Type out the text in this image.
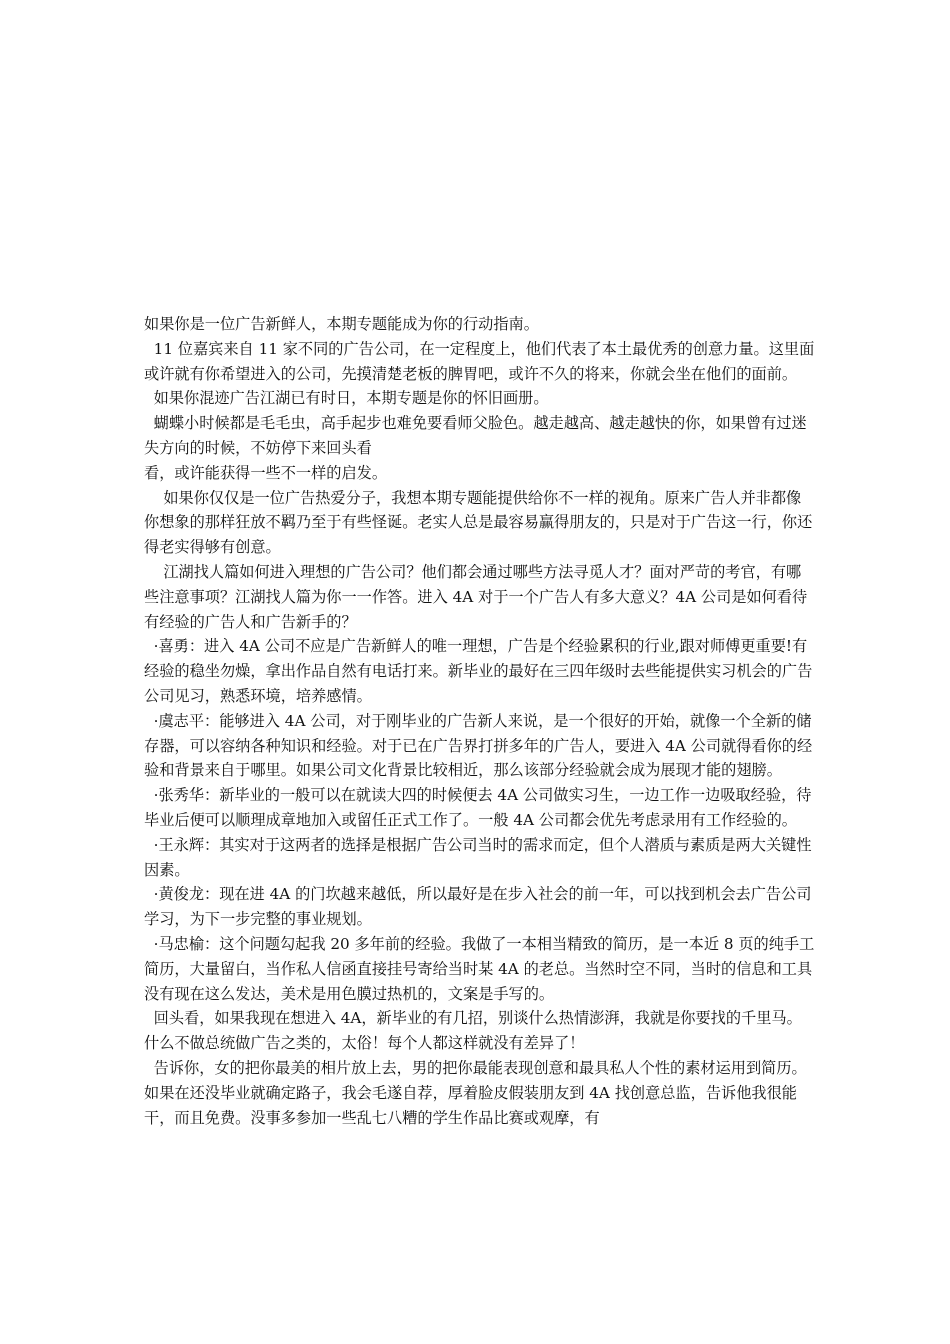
如果你是一位广告新鲜人，本期专题能成为你的行动指南。

11 位嘉宾来自 11 家不同的广告公司，在一定程度上，他们代表了本土最优秀的创意力量。这里面或许就有你希望进入的公司，先摸清楚老板的脾胃吧，或许不久的将来，你就会坐在他们的面前。

如果你混迹广告江湖已有时日，本期专题是你的怀旧画册。

蝴蝶小时候都是毛毛虫，高手起步也难免要看师父脸色。越走越高、越走越快的你，如果曾有过迷失方向的时候，不妨停下来回头看

看，或许能获得一些不一样的启发。

如果你仅仅是一位广告热爱分子，我想本期专题能提供给你不一样的视角。原来广告人并非都像你想象的那样狂放不羁乃至于有些怪诞。老实人总是最容易赢得朋友的，只是对于广告这一行，你还得老实得够有创意。

江湖找人篇如何进入理想的广告公司？他们都会通过哪些方法寻觅人才？面对严苛的考官，有哪些注意事项？江湖找人篇为你一一作答。进入 4A 对于一个广告人有多大意义？4A 公司是如何看待有经验的广告人和广告新手的？

·喜勇：进入 4A 公司不应是广告新鲜人的唯一理想，广告是个经验累积的行业,跟对师傅更重要!有经验的稳坐勿燥，拿出作品自然有电话打来。新毕业的最好在三四年级时去些能提供实习机会的广告公司见习，熟悉环境，培养感情。

·虞志平：能够进入 4A 公司，对于刚毕业的广告新人来说，是一个很好的开始，就像一个全新的储存器，可以容纳各种知识和经验。对于已在广告界打拼多年的广告人，要进入 4A 公司就得看你的经验和背景来自于哪里。如果公司文化背景比较相近，那么该部分经验就会成为展现才能的翅膀。

·张秀华：新毕业的一般可以在就读大四的时候便去 4A 公司做实习生，一边工作一边吸取经验，待毕业后便可以顺理成章地加入或留任正式工作了。一般 4A 公司都会优先考虑录用有工作经验的。

·王永辉：其实对于这两者的选择是根据广告公司当时的需求而定，但个人潜质与素质是两大关键性因素。

·黄俊龙：现在进 4A 的门坎越来越低，所以最好是在步入社会的前一年，可以找到机会去广告公司学习，为下一步完整的事业规划。

·马忠榆：这个问题勾起我 20 多年前的经验。我做了一本相当精致的简历，是一本近 8 页的纯手工简历，大量留白，当作私人信函直接挂号寄给当时某 4A 的老总。当然时空不同，当时的信息和工具没有现在这么发达，美术是用色膜过热机的，文案是手写的。

回头看，如果我现在想进入 4A，新毕业的有几招，别谈什么热情澎湃，我就是你要找的千里马。什么不做总统做广告之类的，太俗！每个人都这样就没有差异了！

告诉你，女的把你最美的相片放上去，男的把你最能表现创意和最具私人个性的素材运用到简历。如果在还没毕业就确定路子，我会毛遂自荐，厚着脸皮假装朋友到 4A 找创意总监，告诉他我很能干，而且免费。没事多参加一些乱七八糟的学生作品比赛或观摩，有
